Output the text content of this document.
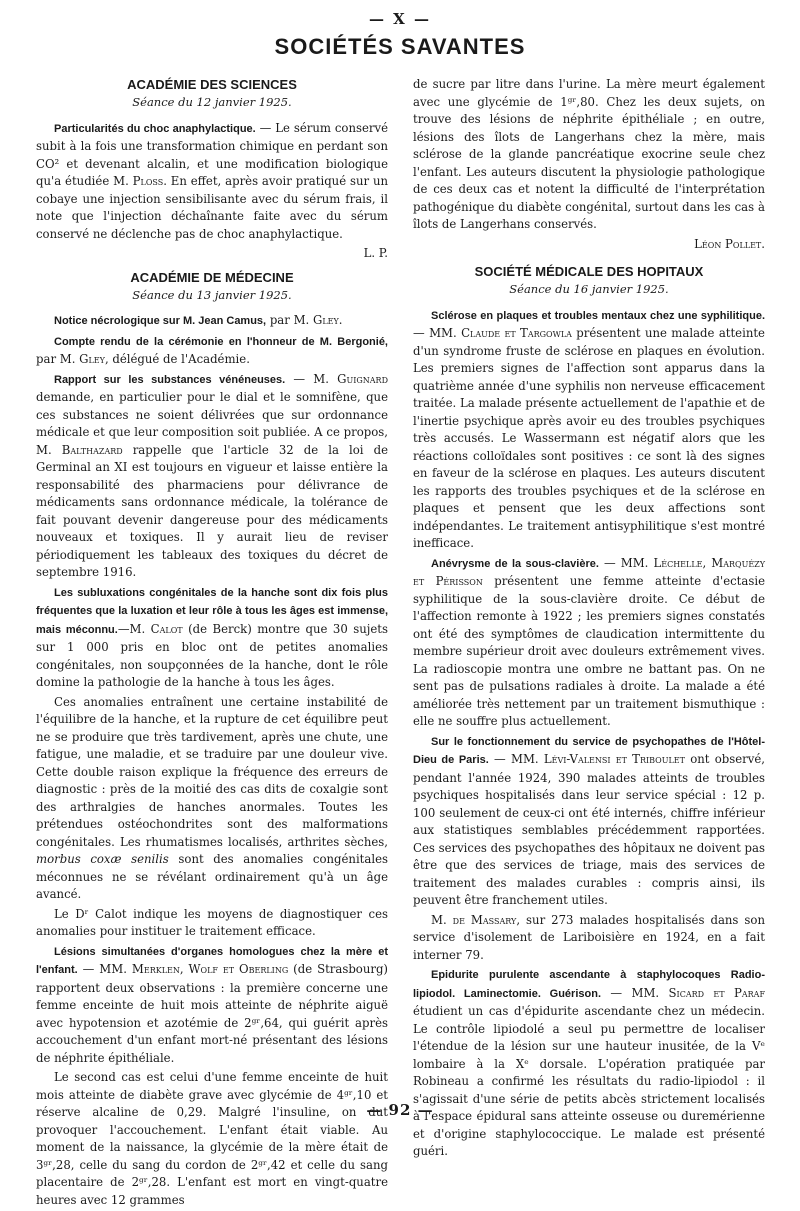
— X —
SOCIÉTÉS SAVANTES
ACADÉMIE DES SCIENCES
Séance du 12 janvier 1925.

Particularités du choc anaphylactique. — Le sérum conservé subit à la fois une transformation chimique en perdant son CO² et devenant alcalin, et une modification biologique qu'a étudiée M. Ploss. En effet, après avoir pratiqué sur un cobaye une injection sensibilisante avec du sérum frais, il note que l'injection déchaînante faite avec du sérum conservé ne déclenche pas de choc anaphylactique.

L. P.
ACADÉMIE DE MÉDECINE
Séance du 13 janvier 1925.

Notice nécrologique sur M. Jean Camus, par M. Gley.

Compte rendu de la cérémonie en l'honneur de M. Bergonié, par M. Gley, délégué de l'Académie.

Rapport sur les substances vénéneuses. — M. Guignard demande, en particulier pour le dial et le somnifène, que ces substances ne soient délivrées que sur ordonnance médicale et que leur composition soit publiée. A ce propos, M. Balthazard rappelle que l'article 32 de la loi de Germinal an XI est toujours en vigueur et laisse entière la responsabilité des pharmaciens pour délivrance de médicaments sans ordonnance médicale, la tolérance de fait pouvant devenir dangereuse pour des médicaments nouveaux et toxiques. Il y aurait lieu de reviser périodiquement les tableaux des toxiques du décret de septembre 1916.

Les subluxations congénitales de la hanche sont dix fois plus fréquentes que la luxation et leur rôle à tous les âges est immense, mais méconnu.—M. Calot (de Berck) montre que 30 sujets sur 1 000 pris en bloc ont de petites anomalies congénitales, non soupçonnées de la hanche, dont le rôle domine la pathologie de la hanche à tous les âges.

Ces anomalies entraînent une certaine instabilité de l'équilibre de la hanche, et la rupture de cet équilibre peut ne se produire que très tardivement, après une chute, une fatigue, une maladie, et se traduire par une douleur vive. Cette double raison explique la fréquence des erreurs de diagnostic : près de la moitié des cas dits de coxalgie sont des arthralgies de hanches anormales. Toutes les prétendues ostéochondrites sont des malformations congénitales. Les rhumatismes localisés, arthrites sèches, morbus coxæ senilis sont des anomalies congénitales méconnues ne se révélant ordinairement qu'à un âge avancé.

Le Dʳ Calot indique les moyens de diagnostiquer ces anomalies pour instituer le traitement efficace.

Lésions simultanées d'organes homologues chez la mère et l'enfant. — MM. Merklen, Wolf et Oberling (de Strasbourg) rapportent deux observations : la première concerne une femme enceinte de huit mois atteinte de néphrite aiguë avec hypotension et azotémie de 2ᵍʳ,64, qui guérit après accouchement d'un enfant mort-né présentant des lésions de néphrite épithéliale.

Le second cas est celui d'une femme enceinte de huit mois atteinte de diabète grave avec glycémie de 4ᵍʳ,10 et réserve alcaline de 0,29. Malgré l'insuline, on dut provoquer l'accouchement. L'enfant était viable. Au moment de la naissance, la glycémie de la mère était de 3ᵍʳ,28, celle du sang du cordon de 2ᵍʳ,42 et celle du sang placentaire de 2ᵍʳ,28. L'enfant est mort en vingt-quatre heures avec 12 grammes

de sucre par litre dans l'urine. La mère meurt également avec une glycémie de 1ᵍʳ,80. Chez les deux sujets, on trouve des lésions de néphrite épithéliale ; en outre, lésions des îlots de Langerhans chez la mère, mais sclérose de la glande pancréatique exocrine seule chez l'enfant. Les auteurs discutent la physiologie pathologique de ces deux cas et notent la difficulté de l'interprétation pathogénique du diabète congénital, surtout dans les cas à îlots de Langerhans conservés.

Léon Pollet.
SOCIÉTÉ MÉDICALE DES HOPITAUX
Séance du 16 janvier 1925.

Sclérose en plaques et troubles mentaux chez une syphilitique. — MM. Claude et Targowla présentent une malade atteinte d'un syndrome fruste de sclérose en plaques en évolution. Les premiers signes de l'affection sont apparus dans la quatrième année d'une syphilis non nerveuse efficacement traitée. La malade présente actuellement de l'apathie et de l'inertie psychique après avoir eu des troubles psychiques très accusés. Le Wassermann est négatif alors que les réactions colloïdales sont positives : ce sont là des signes en faveur de la sclérose en plaques. Les auteurs discutent les rapports des troubles psychiques et de la sclérose en plaques et pensent que les deux affections sont indépendantes. Le traitement antisyphilitique s'est montré inefficace.

Anévrysme de la sous-clavière. — MM. Léchelle, Marquézy et Périsson présentent une femme atteinte d'ectasie syphilitique de la sous-clavière droite. Ce début de l'affection remonte à 1922 ; les premiers signes constatés ont été des symptômes de claudication intermittente du membre supérieur droit avec douleurs extrêmement vives. La radioscopie montra une ombre ne battant pas. On ne sent pas de pulsations radiales à droite. La malade a été améliorée très nettement par un traitement bismuthique : elle ne souffre plus actuellement.

Sur le fonctionnement du service de psychopathes de l'Hôtel-Dieu de Paris. — MM. Lévi-Valensi et Triboulet ont observé, pendant l'année 1924, 390 malades atteints de troubles psychiques hospitalisés dans leur service spécial : 12 p. 100 seulement de ceux-ci ont été internés, chiffre inférieur aux statistiques semblables précédemment rapportées. Ces services des psychopathes des hôpitaux ne doivent pas être que des services de triage, mais des services de traitement des malades curables : compris ainsi, ils peuvent être franchement utiles.

M. de Massary, sur 273 malades hospitalisés dans son service d'isolement de Lariboisière en 1924, en a fait interner 79.

Epidurite purulente ascendante à staphylocoques Radio-lipiodol. Laminectomie. Guérison. — MM. Sicard et Paraf étudient un cas d'épidurite ascendante chez un médecin. Le contrôle lipiodolé a seul pu permettre de localiser l'étendue de la lésion sur une hauteur inusitée, de la Vᵉ lombaire à la Xᵉ dorsale. L'opération pratiquée par Robineau a confirmé les résultats du radio-lipiodol : il s'agissait d'une série de petits abcès strictement localisés à l'espace épidural sans atteinte osseuse ou duremérienne et d'origine staphylococcique. Le malade est présenté guéri.

— 92 —
